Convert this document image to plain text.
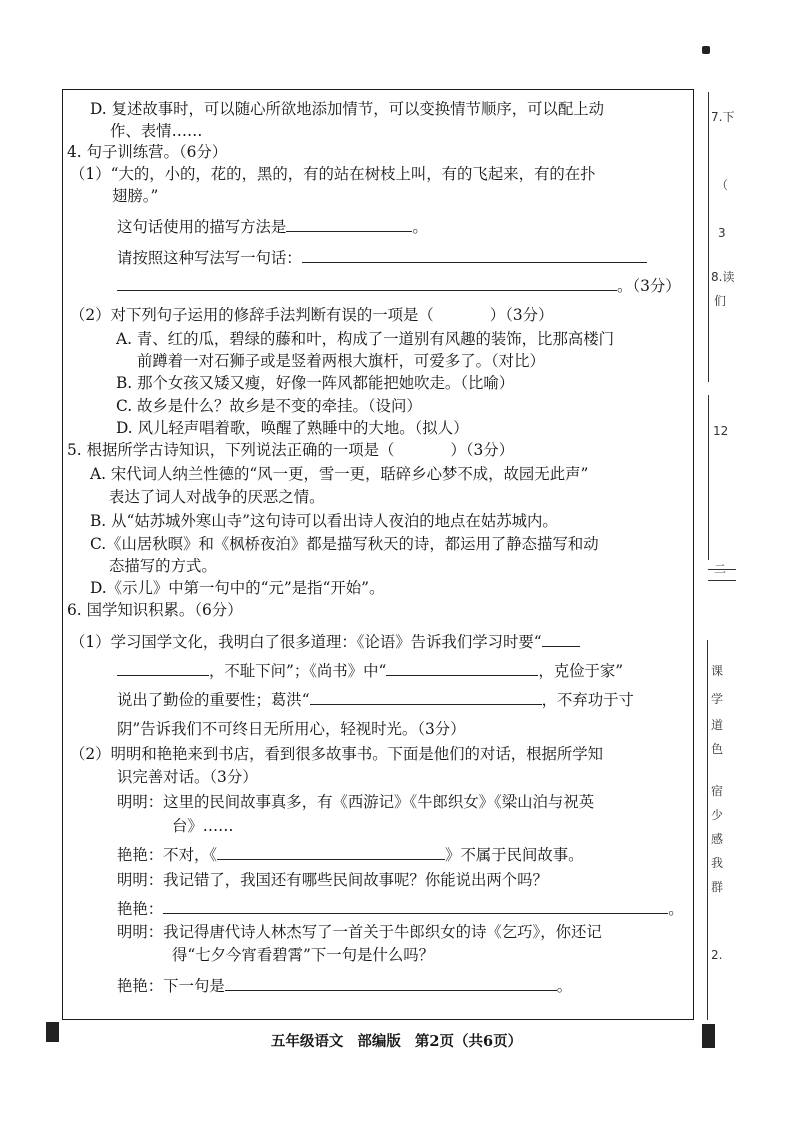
D. 复述故事时，可以随心所欲地添加情节，可以变换情节顺序，可以配上动
作、表情……
4. 句子训练营。（6分）
（1）“大的，小的，花的，黑的，有的站在树枝上叫，有的飞起来，有的在扑
翅膀。”
这句话使用的描写方法是	。
请按照这种写法写一句话：
。（3分）
（2）对下列句子运用的修辞手法判断有误的一项是（	）（3分）
A. 青、红的瓜，碧绿的藤和叶，构成了一道别有风趣的装饰，比那高楼门
前蹲着一对石狮子或是竖着两根大旗杆，可爱多了。（对比）
B. 那个女孩又矮又瘦，好像一阵风都能把她吹走。（比喻）
C. 故乡是什么？故乡是不变的牵挂。（设问）
D. 风儿轻声唱着歌，唤醒了熟睡中的大地。（拟人）
5. 根据所学古诗知识，下列说法正确的一项是（	）（3分）
A. 宋代词人纳兰性德的“风一更，雪一更，聒碎乡心梦不成，故园无此声”
表达了词人对战争的厌恶之情。
B. 从“姑苏城外寒山寺”这句诗可以看出诗人夜泊的地点在姑苏城内。
C.《山居秋暝》和《枫桥夜泊》都是描写秋天的诗，都运用了静态描写和动
态描写的方式。
D.《示儿》中第一句中的“元”是指“开始”。
6. 国学知识积累。（6分）
（1）学习国学文化，我明白了很多道理：《论语》告诉我们学习时要“
，不耻下问”；《尚书》中“	，克俭于家”
说出了勤俭的重要性；葛洪“	，不弃功于寸
阴”告诉我们不可终日无所用心，轻视时光。（3分）
（2）明明和艳艳来到书店，看到很多故事书。下面是他们的对话，根据所学知
识完善对话。（3分）
明明：这里的民间故事真多，有《西游记》《牛郎织女》《梁山泊与祝英
台》……
艳艳：不对，《	》不属于民间故事。
明明：我记错了，我国还有哪些民间故事呢？你能说出两个吗？
艳艳：	。
明明：我记得唐代诗人林杰写了一首关于牛郎织女的诗《乞巧》，你还记
得“七夕今宵看碧霄”下一句是什么吗？
艳艳：下一句是	。
五年级语文 部编版 第2页（共6页）
7.下
（
3
8.读
们
12
二
课
学
道
色
宿
少
感
我
群
2.
